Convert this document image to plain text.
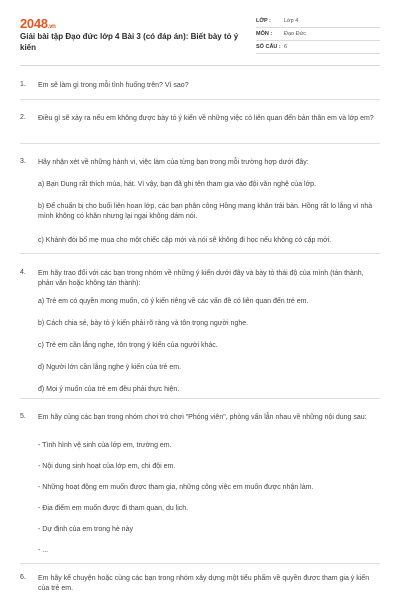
2048.vn
Giải bài tập Đạo đức lớp 4 Bài 3 (có đáp án): Biết bày tỏ ý kiến
LỚP :	Lớp 4
MÔN :	Đạo Đức
SỐ CÂU : 6
1. Em sẽ làm gì trong mỗi tình huống trên? Vì sao?
2. Điều gì sẽ xảy ra nếu em không được bày tỏ ý kiến về những việc có liên quan đến bản thân em và lớp em?
3. Hãy nhận xét về những hành vi, việc làm của từng bạn trong mỗi trường hợp dưới đây:
a) Bạn Dung rất thích múa, hát. Vì vậy, bạn đã ghi tên tham gia vào đội văn nghệ của lớp.
b) Để chuẩn bị cho buổi liên hoan lớp, các bạn phân công Hồng mang khăn trải bàn. Hồng rất lo lắng vì nhà mình không có khăn nhưng lại ngại không dám nói.
c) Khánh đòi bố mẹ mua cho một chiếc cặp mới và nói sẽ không đi học nếu không có cặp mới.
4. Em hãy trao đổi với các bạn trong nhóm về những ý kiến dưới đây và bày tỏ thái độ của mình (tán thành, phản văn hoặc không tán thành):
a) Trẻ em có quyền mong muốn, có ý kiến riêng về các vấn đề có liên quan đến trẻ em.
b) Cách chia sẻ, bày tỏ ý kiến phải rõ ràng và tôn trọng người nghe.
c) Trẻ em cần lắng nghe, tôn trọng ý kiến của người khác.
d) Người lớn cần lắng nghe ý kiến của trẻ em.
đ) Mọi ý muốn của trẻ em đều phải thực hiện.
5. Em hãy cùng các bạn trong nhóm chơi trò chơi "Phóng viên", phỏng vấn lẫn nhau về những nội dung sau:
- Tình hình vệ sinh của lớp em, trường em.
- Nội dung sinh hoạt của lớp em, chi đội em.
- Những hoạt động em muốn được tham gia, những công việc em muốn được nhận làm.
- Địa điểm em muốn được đi tham quan, du lịch.
- Dự định của em trong hè này
- ...
6. Em hãy kể chuyện hoặc cùng các bạn trong nhóm xây dựng một tiểu phẩm về quyền được tham gia ý kiến của trẻ em.
